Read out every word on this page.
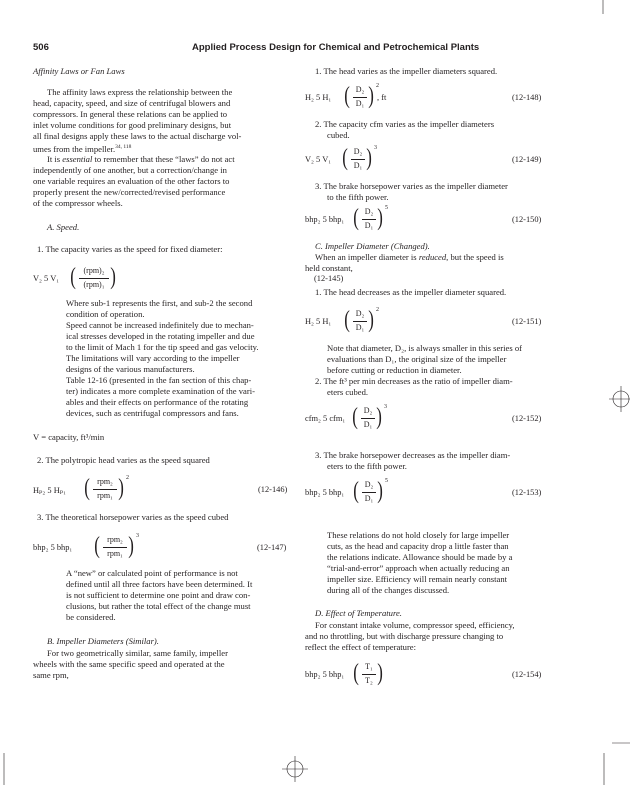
506	Applied Process Design for Chemical and Petrochemical Plants
Affinity Laws or Fan Laws
The affinity laws express the relationship between the
head, capacity, speed, and size of centrifugal blowers and
compressors. In general these relations can be applied to
inlet volume conditions for good preliminary designs, but
all final designs apply these laws to the actual discharge vol-
umes from the impeller.$^{34, 118}$
It is essential to remember that these “laws” do not act
independently of one another, but a correction/change in
one variable requires an evaluation of the other factors to
properly present the new/corrected/revised performance
of the compressor wheels.
A. Speed.
1. The capacity varies as the speed for fixed diameter:
V₂ 5 V₁ ( (rpm)₂
(rpm)₁ )	(12-145)
Where sub-1 represents the first, and sub-2 the second
condition of operation.
Speed cannot be increased indefinitely due to mechan-
ical stresses developed in the rotating impeller and due
to the limit of Mach 1 for the tip speed and gas velocity.
The limitations will vary according to the impeller
designs of the various manufacturers.
Table 12-16 (presented in the fan section of this chap-
ter) indicates a more complete examination of the vari-
ables and their effects on performance of the rotating
devices, such as centrifugal compressors and fans.
V = capacity, ft³/min
2. The polytropic head varies as the speed squared
Hₚ₂ 5 Hₚ₁ ( rpm₂
rpm₁ ) 2
(12-146)
3. The theoretical horsepower varies as the speed cubed
bhp₂ 5 bhp₁ ( rpm₂
rpm₁ ) 3
(12-147)
A “new” or calculated point of performance is not
defined until all three factors have been determined. It
is not sufficient to determine one point and draw con-
clusions, but rather the total effect of the change must
be considered.
B. Impeller Diameters (Similar).
For two geometrically similar, same family, impeller
wheels with the same specific speed and operated at the
same rpm,
1. The head varies as the impeller diameters squared.
H₂ 5 H₁ ( D₂
D₁ ) 2
, ft	(12-148)
2. The capacity cfm varies as the impeller diameters
cubed.
V₂ 5 V₁ ( D₂
D₁ ) 3
(12-149)
3. The brake horsepower varies as the impeller diameter
to the fifth power.
bhp₂ 5 bhp₁ ( D₂
D₁ ) 5
(12-150)
C. Impeller Diameter (Changed).
When an impeller diameter is reduced, but the speed is
held constant,
1. The head decreases as the impeller diameter squared.
H₂ 5 H₁ ( D₂
D₁ ) 2
(12-151)
Note that diameter, D₂, is always smaller in this series of
evaluations than D₁, the original size of the impeller
before cutting or reduction in diameter.
2. The ft³ per min decreases as the ratio of impeller diam-
eters cubed.
cfm₂ 5 cfm₁ ( D₂
D₁ ) 3
(12-152)
3. The brake horsepower decreases as the impeller diam-
eters to the fifth power.
bhp₂ 5 bhp₁ ( D₂
D₁ ) 5
(12-153)
These relations do not hold closely for large impeller
cuts, as the head and capacity drop a little faster than
the relations indicate. Allowance should be made by a
“trial-and-error” approach when actually reducing an
impeller size. Efficiency will remain nearly constant
during all of the changes discussed.
D. Effect of Temperature.
For constant intake volume, compressor speed, efficiency,
and no throttling, but with discharge pressure changing to
reflect the effect of temperature:
bhp₂ 5 bhp₁ ( T₁
T₂ )	(12-154)
